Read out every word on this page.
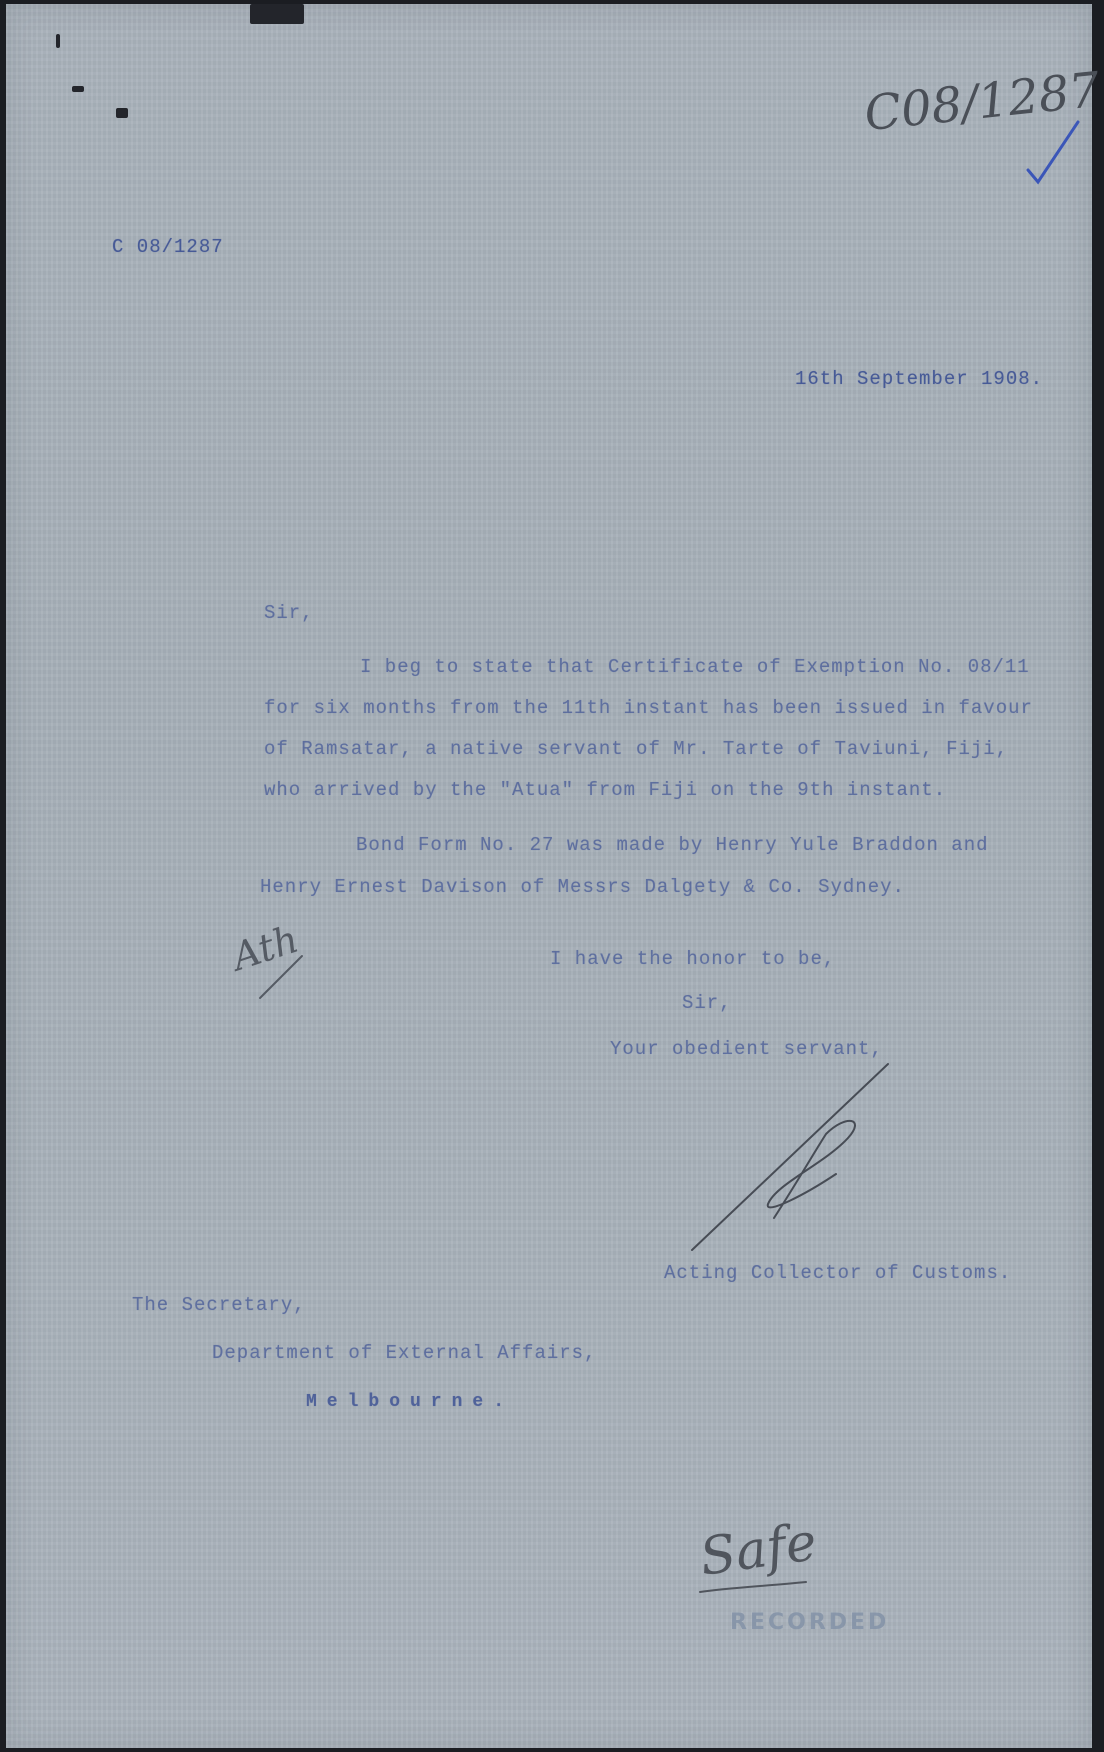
C08/1287
C 08/1287
16th September 1908.
Sir,
I beg to state that Certificate of Exemption No. 08/11
for six months from the 11th instant has been issued in favour
of Ramsatar, a native servant of Mr. Tarte of Taviuni, Fiji,
who arrived by the "Atua" from Fiji on the 9th instant.
Bond Form No. 27 was made by Henry Yule Braddon and
Henry Ernest Davison of Messrs Dalgety & Co. Sydney.
Ath	I have the honor to be,
Sir,
Your obedient servant,
Acting Collector of Customs.
The Secretary,
Department of External Affairs,
Melbourne.
Safe
RECORDED
